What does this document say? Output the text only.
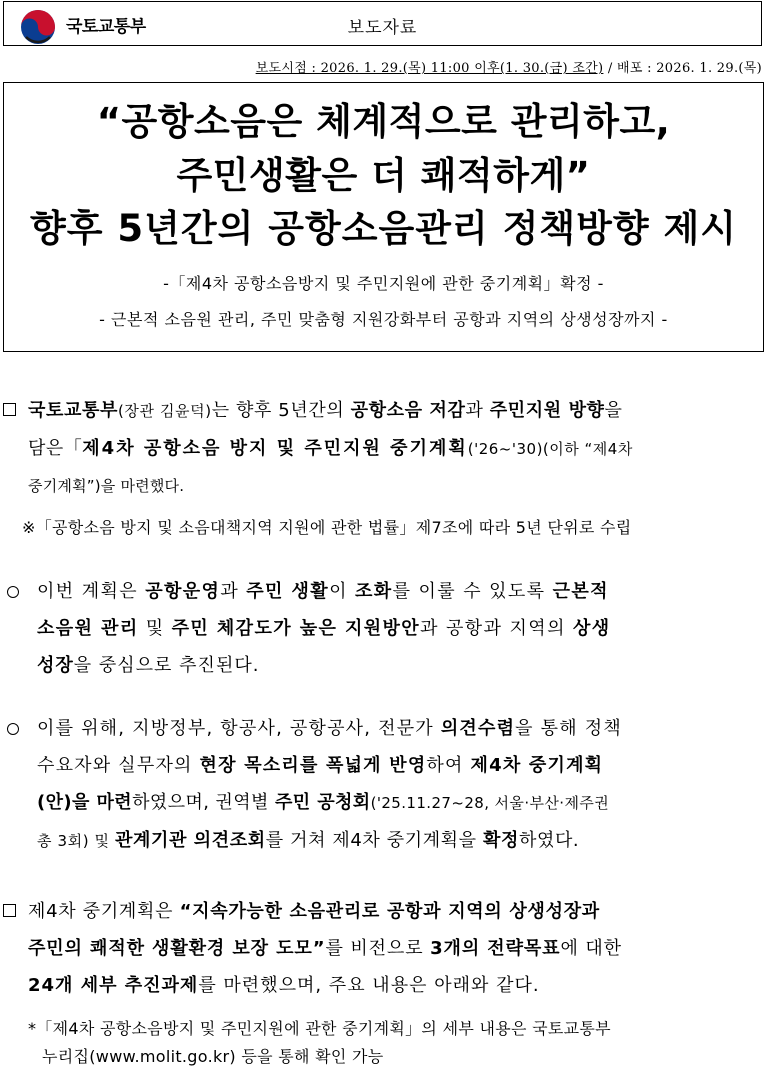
국토교통부	보도자료
보도시점 : 2026. 1. 29.(목) 11:00 이후(1. 30.(금) 조간) / 배포 : 2026. 1. 29.(목)
“공항소음은 체계적으로 관리하고,
주민생활은 더 쾌적하게”
향후 5년간의 공항소음관리 정책방향 제시
-「제4차 공항소음방지 및 주민지원에 관한 중기계획」확정 -
- 근본적 소음원 관리, 주민 맞춤형 지원강화부터 공항과 지역의 상생성장까지 -
국토교통부(장관 김윤덕)는 향후 5년간의 공항소음 저감과 주민지원 방향을
담은「제4차 공항소음 방지 및 주민지원 중기계획('26~'30)(이하 “제4차
중기계획”)을 마련했다.
※「공항소음 방지 및 소음대책지역 지원에 관한 법률」제7조에 따라 5년 단위로 수립
이번 계획은 공항운영과 주민 생활이 조화를 이룰 수 있도록 근본적
소음원 관리 및 주민 체감도가 높은 지원방안과 공항과 지역의 상생
성장을 중심으로 추진된다.
이를 위해, 지방정부, 항공사, 공항공사, 전문가 의견수렴을 통해 정책
수요자와 실무자의 현장 목소리를 폭넓게 반영하여 제4차 중기계획
(안)을 마련하였으며, 권역별 주민 공청회('25.11.27~28, 서울·부산·제주권
총 3회) 및 관계기관 의견조회를 거쳐 제4차 중기계획을 확정하였다.
제4차 중기계획은 “지속가능한 소음관리로 공항과 지역의 상생성장과
주민의 쾌적한 생활환경 보장 도모”를 비전으로 3개의 전략목표에 대한
24개 세부 추진과제를 마련했으며, 주요 내용은 아래와 같다.
*「제4차 공항소음방지 및 주민지원에 관한 중기계획」의 세부 내용은 국토교통부
누리집(www.molit.go.kr) 등을 통해 확인 가능
